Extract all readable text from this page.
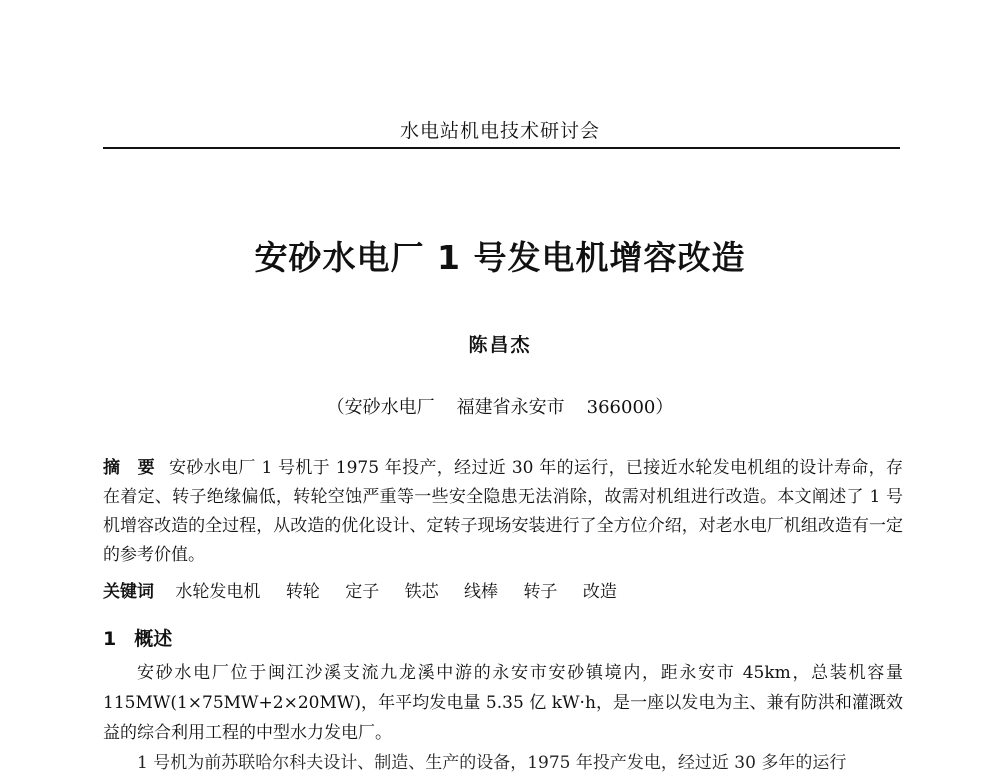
水电站机电技术研讨会
安砂水电厂 1 号发电机增容改造
陈昌杰
（安砂水电厂 福建省永安市 366000）

摘　要 安砂水电厂 1 号机于 1975 年投产，经过近 30 年的运行，已接近水轮发电机组的设计寿命，存在着定、转子绝缘偏低，转轮空蚀严重等一些安全隐患无法消除，故需对机组进行改造。本文阐述了 1 号机增容改造的全过程，从改造的优化设计、定转子现场安装进行了全方位介绍，对老水电厂机组改造有一定的参考价值。

关键词 水轮发电机 转轮 定子 铁芯 线棒 转子 改造
1 概述

安砂水电厂位于闽江沙溪支流九龙溪中游的永安市安砂镇境内，距永安市 45km，总装机容量 115MW(1×75MW+2×20MW)，年平均发电量 5.35 亿 kW·h，是一座以发电为主、兼有防洪和灌溉效益的综合利用工程的中型水力发电厂。

1 号机为前苏联哈尔科夫设计、制造、生产的设备，1975 年投产发电，经过近 30 多年的运行
